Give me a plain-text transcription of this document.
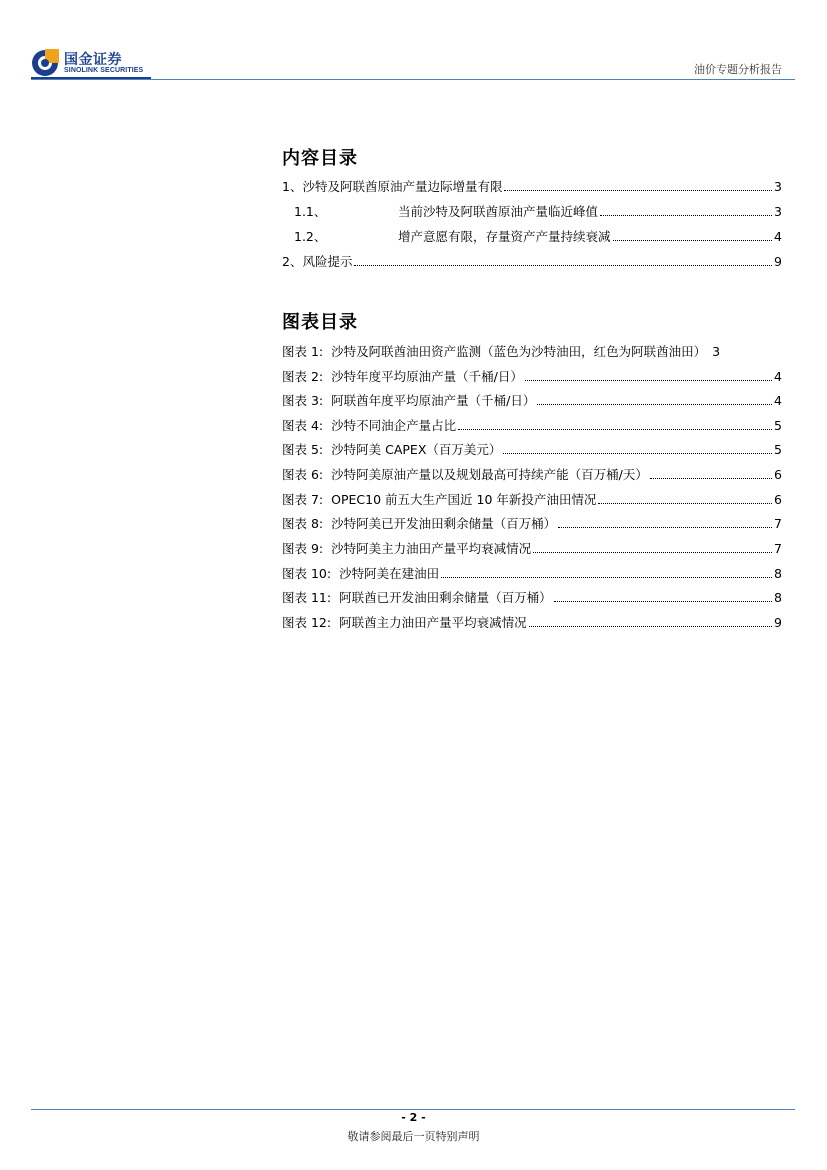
国金证券
SINOLINK SECURITIES	油价专题分析报告
内容目录
1、沙特及阿联酋原油产量边际增量有限	3
1.1、	当前沙特及阿联酋原油产量临近峰值	3
1.2、	增产意愿有限，存量资产产量持续衰减	4
2、风险提示	9
图表目录
图表 1: 沙特及阿联酋油田资产监测（蓝色为沙特油田，红色为阿联酋油田） 3
图表 2: 沙特年度平均原油产量（千桶/日）	4
图表 3: 阿联酋年度平均原油产量（千桶/日）	4
图表 4: 沙特不同油企产量占比	5
图表 5: 沙特阿美 CAPEX（百万美元）	5
图表 6: 沙特阿美原油产量以及规划最高可持续产能（百万桶/天）	6
图表 7: OPEC10 前五大生产国近 10 年新投产油田情况	6
图表 8: 沙特阿美已开发油田剩余储量（百万桶）	7
图表 9: 沙特阿美主力油田产量平均衰减情况	7
图表 10: 沙特阿美在建油田	8
图表 11: 阿联酋已开发油田剩余储量（百万桶）	8
图表 12: 阿联酋主力油田产量平均衰减情况	9
- 2 -
敬请参阅最后一页特别声明
